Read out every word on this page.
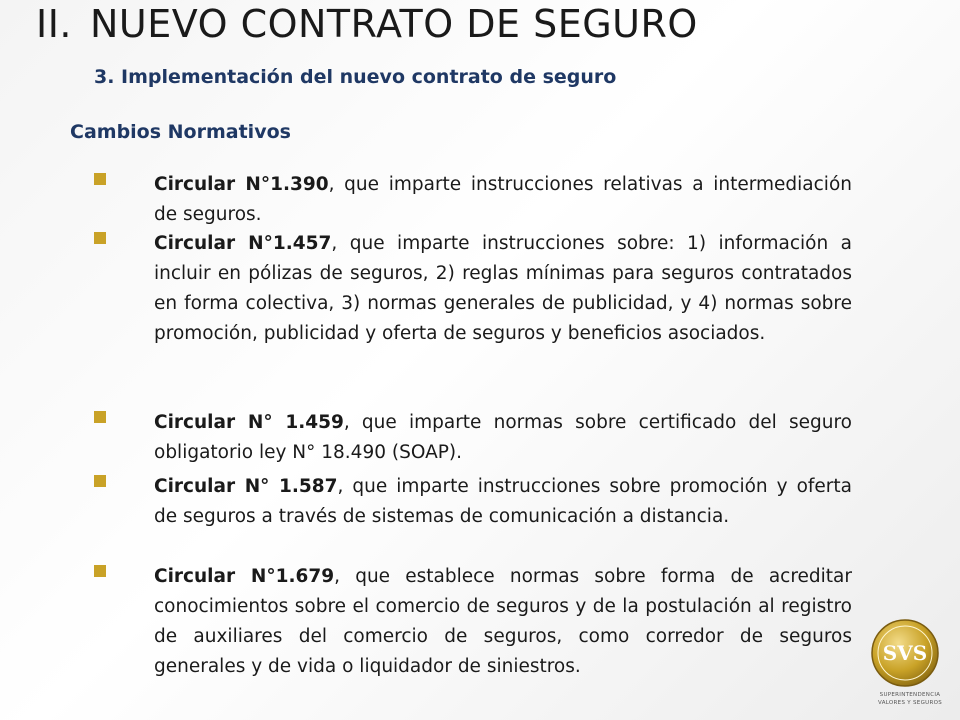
II. NUEVO CONTRATO DE SEGURO
3. Implementación del nuevo contrato de seguro
Cambios Normativos
Circular N°1.390, que imparte instrucciones relativas a intermediación de seguros.
Circular N°1.457, que imparte instrucciones sobre: 1) información a incluir en pólizas de seguros, 2) reglas mínimas para seguros contratados en forma colectiva, 3) normas generales de publicidad, y 4) normas sobre promoción, publicidad y oferta de seguros y beneficios asociados.
Circular N° 1.459, que imparte normas sobre certificado del seguro obligatorio ley N° 18.490 (SOAP).
Circular N° 1.587, que imparte instrucciones sobre promoción y oferta de seguros a través de sistemas de comunicación a distancia.
Circular N°1.679, que establece normas sobre forma de acreditar conocimientos sobre el comercio de seguros y de la postulación al registro de auxiliares del comercio de seguros, como corredor de seguros generales y de vida o liquidador de siniestros.
SVS
SUPERINTENDENCIA
VALORES Y SEGUROS
